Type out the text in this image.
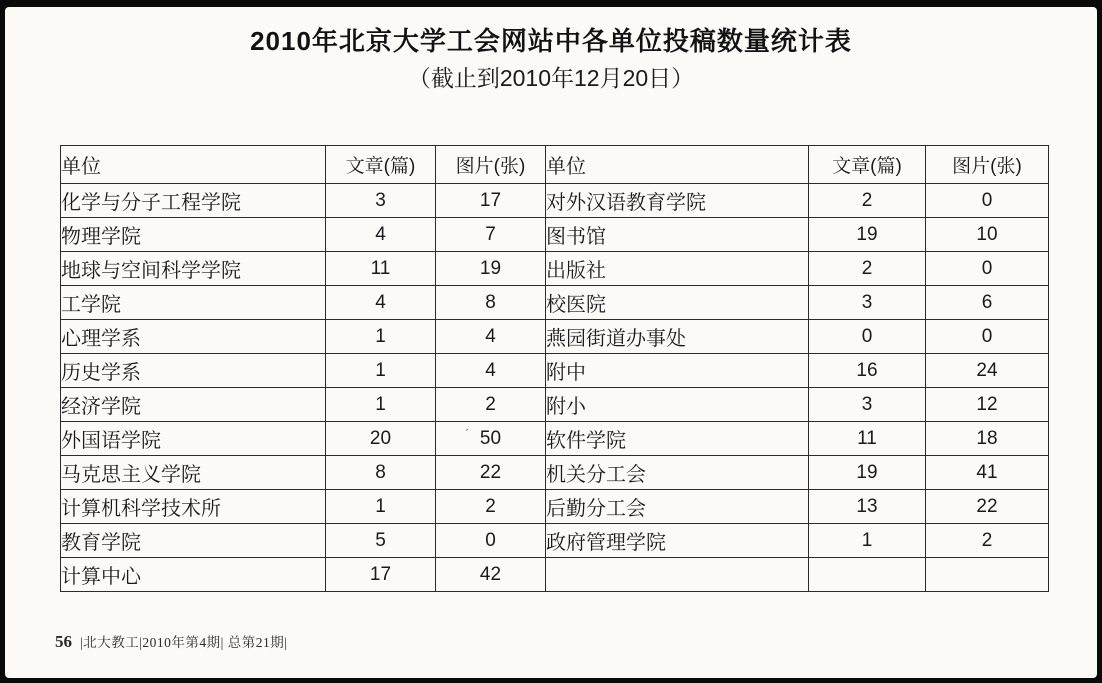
2010年北京大学工会网站中各单位投稿数量统计表
（截止到2010年12月20日）
单位	文章(篇)	图片(张)	单位	文章(篇)	图片(张)
化学与分子工程学院	3	17	对外汉语教育学院	2	0
物理学院	4	7	图书馆	19	10
地球与空间科学学院	11	19	出版社	2	0
工学院	4	8	校医院	3	6
心理学系	1	4	燕园街道办事处	0	0
历史学系	1	4	附中	16	24
经济学院	1	2	附小	3	12
外国语学院	20	ˊ 50	软件学院	11	18
马克思主义学院	8	22	机关分工会	19	41
计算机科学技术所	1	2	后勤分工会	13	22
教育学院	5	0	政府管理学院	1	2
计算中心	17	42			
56 |北大教工|2010年第4期| 总第21期|
